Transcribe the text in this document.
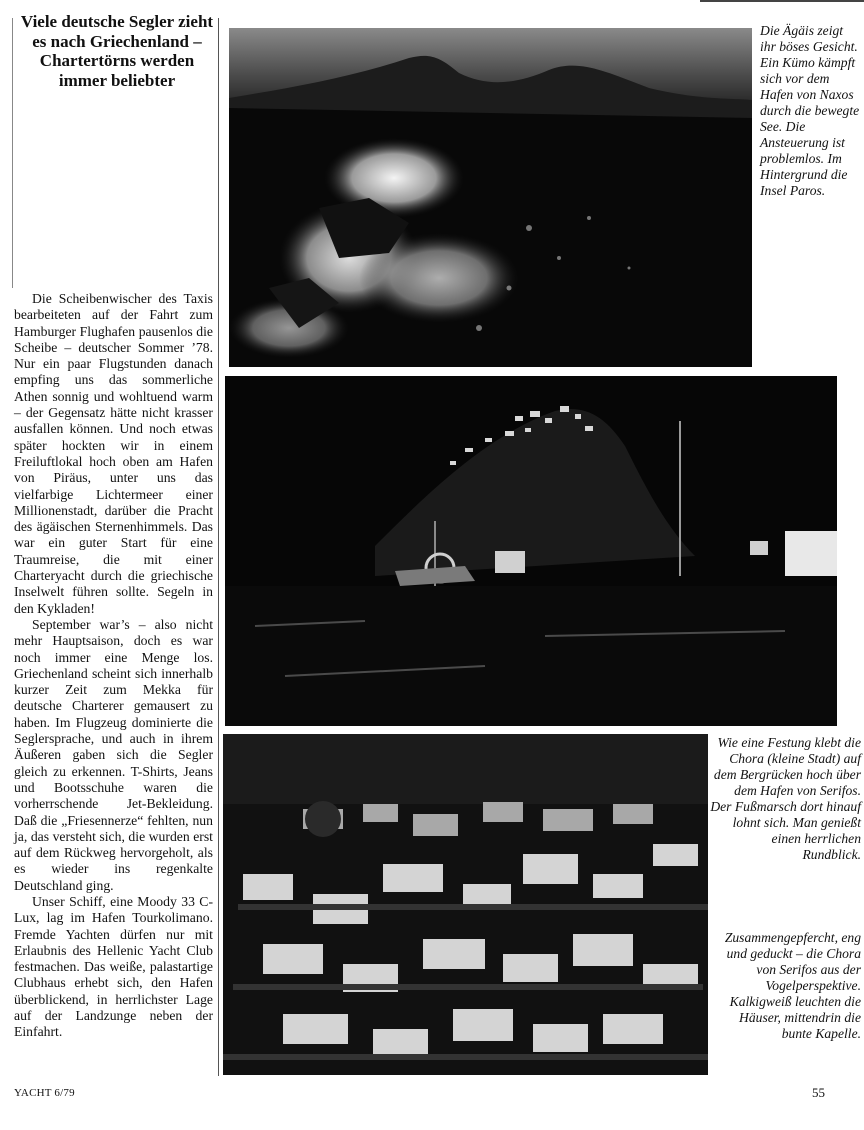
Viele deutsche Segler zieht es nach Griechenland – Chartertörns werden immer beliebter

Die Scheibenwischer des Taxis bearbeiteten auf der Fahrt zum Hamburger Flughafen pausenlos die Scheibe – deutscher Sommer ’78. Nur ein paar Flugstunden danach empfing uns das sommerliche Athen sonnig und wohltuend warm – der Gegensatz hätte nicht krasser ausfallen können. Und noch etwas später hockten wir in einem Freiluftlokal hoch oben am Hafen von Piräus, unter uns das vielfarbige Lichtermeer einer Millionenstadt, darüber die Pracht des ägäischen Sternenhimmels. Das war ein guter Start für eine Traumreise, die mit einer Charteryacht durch die griechische Inselwelt führen sollte. Segeln in den Kykladen!

September war’s – also nicht mehr Hauptsaison, doch es war noch immer eine Menge los. Griechenland scheint sich innerhalb kurzer Zeit zum Mekka für deutsche Charterer gemausert zu haben. Im Flugzeug dominierte die Seglersprache, und auch in ihrem Äußeren gaben sich die Segler gleich zu erkennen. T-Shirts, Jeans und Bootsschuhe waren die vorherrschende Jet-Bekleidung. Daß die „Friesennerze“ fehlten, nun ja, das versteht sich, die wurden erst auf dem Rückweg hervorgeholt, als es wieder ins regenkalte Deutschland ging.

Unser Schiff, eine Moody 33 C-Lux, lag im Hafen Tourkolimano. Fremde Yachten dürfen nur mit Erlaubnis des Hellenic Yacht Club festmachen. Das weiße, palastartige Clubhaus erhebt sich, den Hafen überblickend, in herrlichster Lage auf der Landzunge neben der Einfahrt.

Die Ägäis zeigt ihr böses Gesicht. Ein Kümo kämpft sich vor dem Hafen von Naxos durch die bewegte See. Die Ansteuerung ist problemlos. Im Hintergrund die Insel Paros.
Wie eine Festung klebt die Chora (kleine Stadt) auf dem Bergrücken hoch über dem Hafen von Serifos. Der Fußmarsch dort hinauf lohnt sich. Man genießt einen herrlichen Rundblick.
Zusammengepfercht, eng und geduckt – die Chora von Serifos aus der Vogelperspektive. Kalkigweiß leuchten die Häuser, mittendrin die bunte Kapelle.
YACHT 6/79	55
